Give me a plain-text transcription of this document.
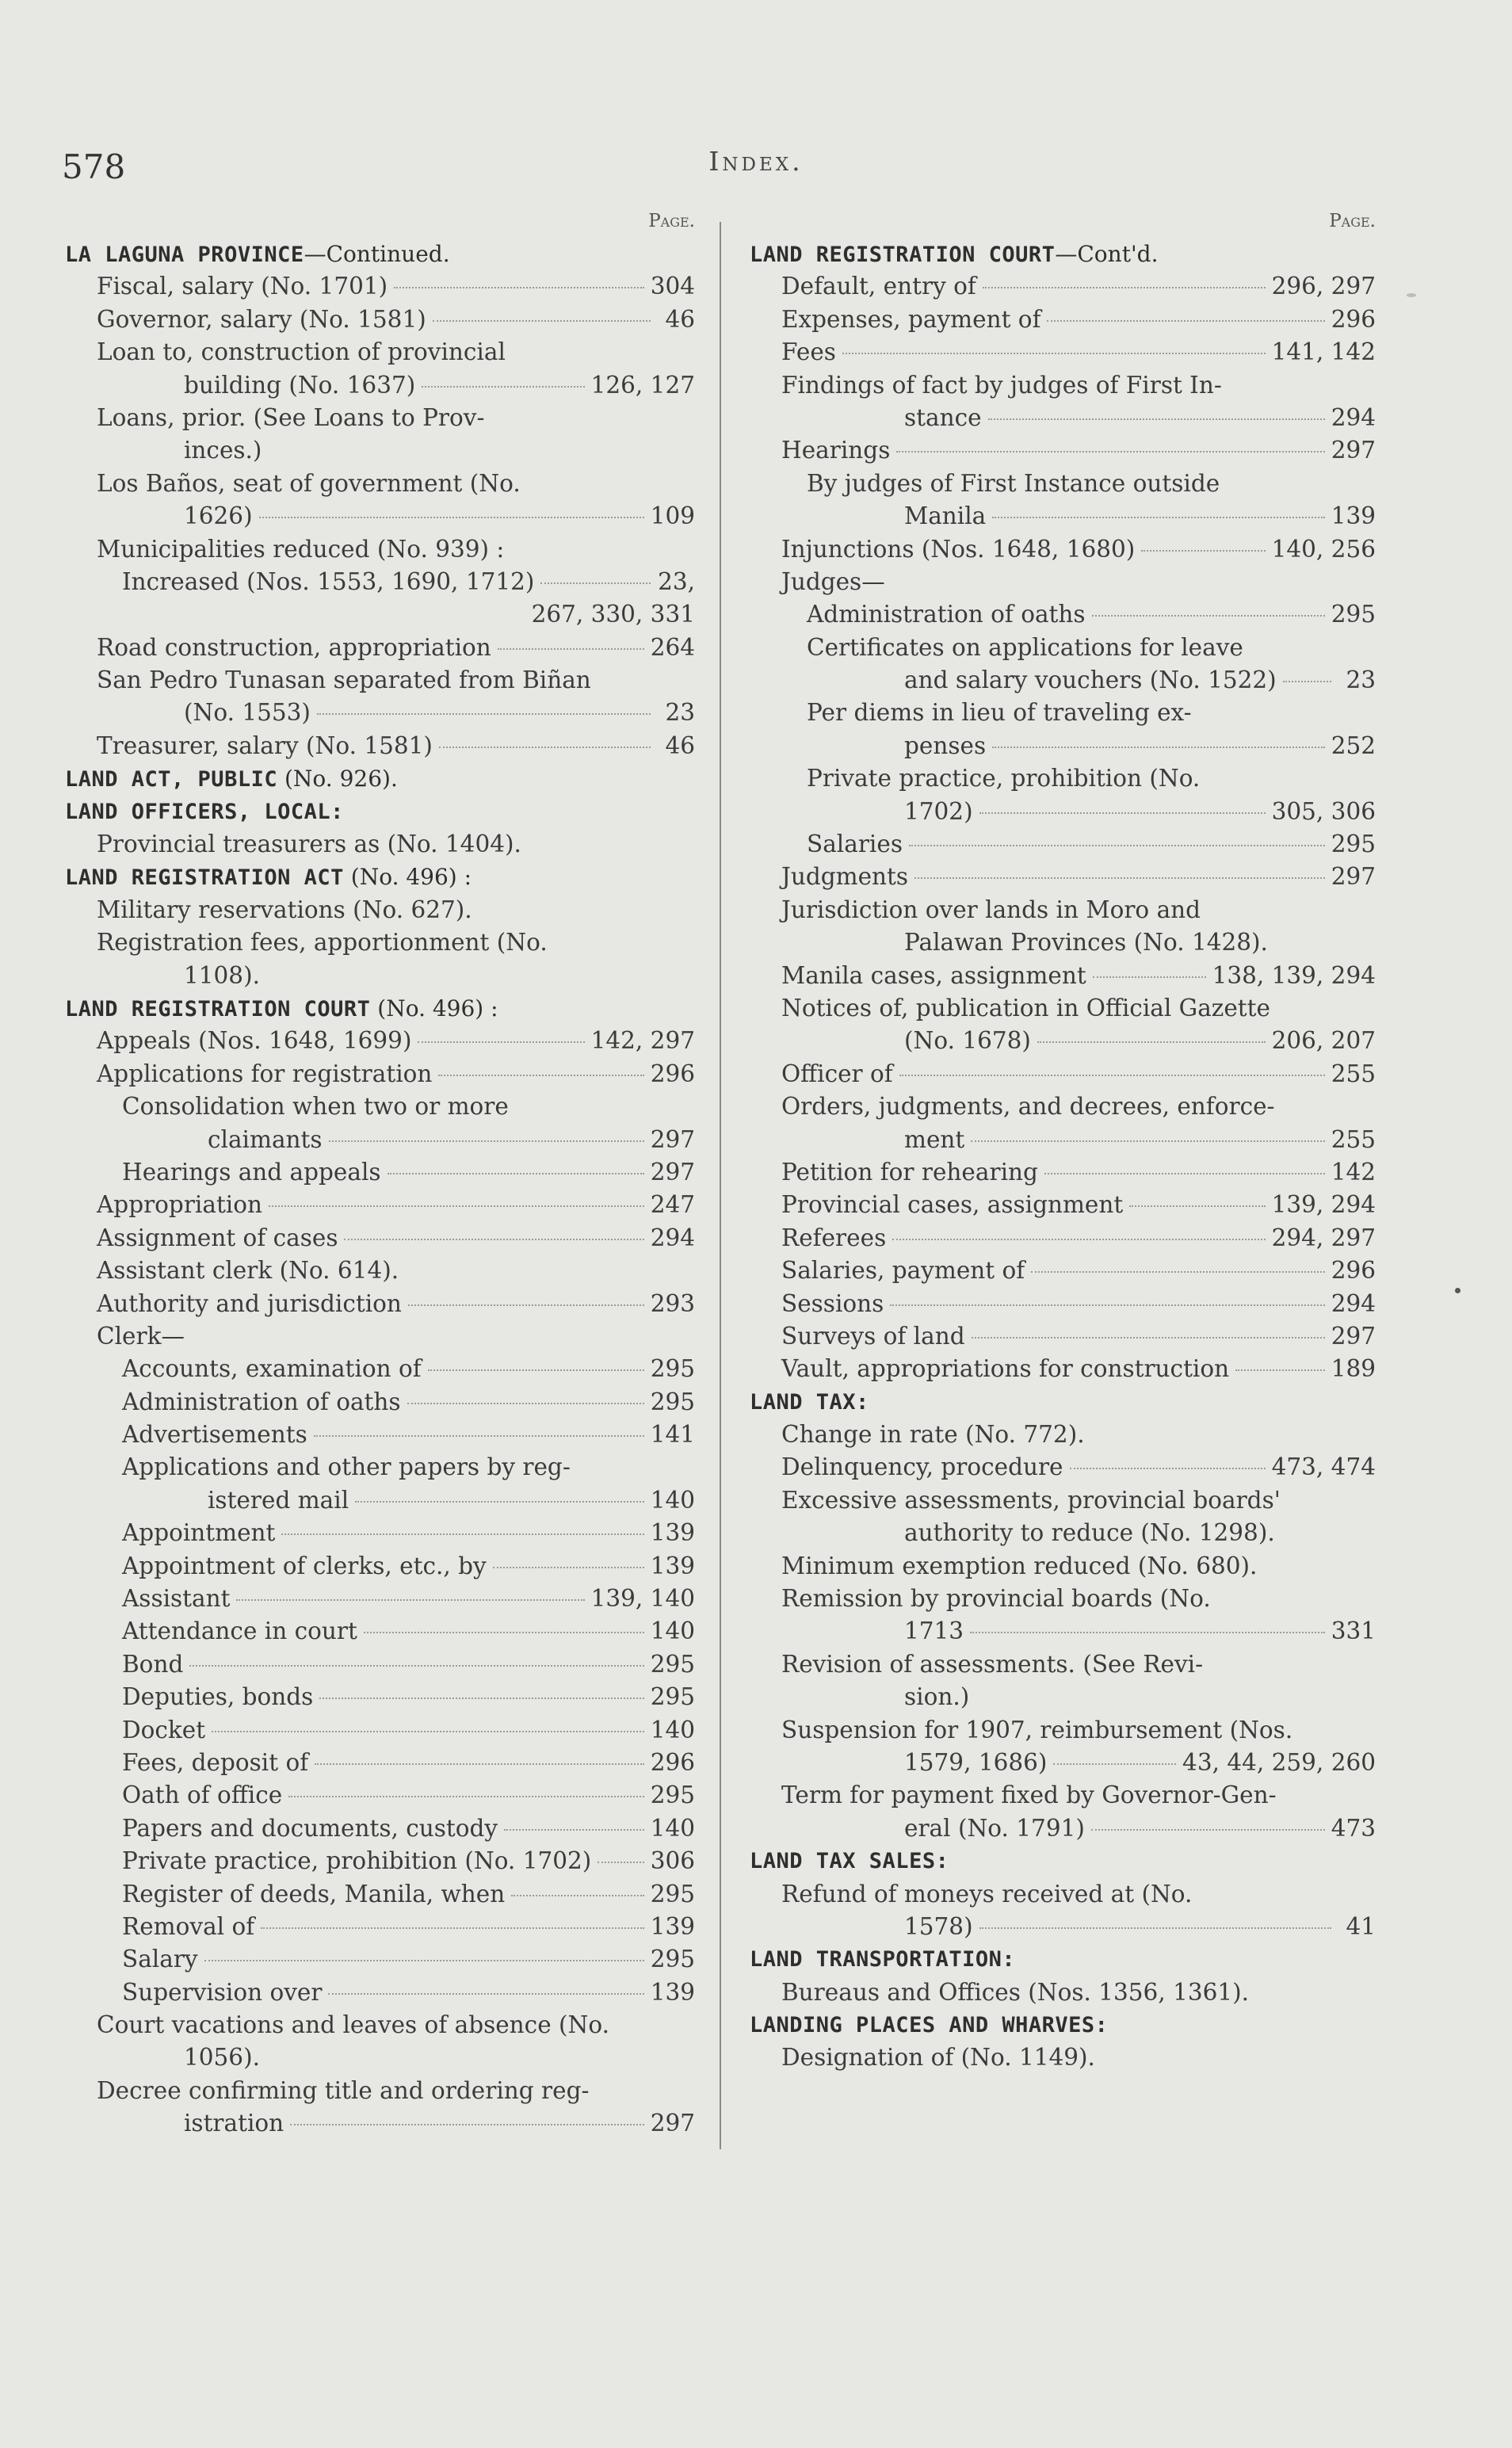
578	Index.
Page.
LA LAGUNA PROVINCE—Continued.
Fiscal, salary (No. 1701)	304
Governor, salary (No. 1581)	46
Loan to, construction of provincial
building (No. 1637)	126, 127
Loans, prior. (See Loans to Prov-
inces.)
Los Baños, seat of government (No.
1626)	109
Municipalities reduced (No. 939) :
Increased (Nos. 1553, 1690, 1712)	23,
267, 330, 331
Road construction, appropriation	264
San Pedro Tunasan separated from Biñan
(No. 1553)	23
Treasurer, salary (No. 1581)	46
LAND ACT, PUBLIC (No. 926).
LAND OFFICERS, LOCAL:
Provincial treasurers as (No. 1404).
LAND REGISTRATION ACT (No. 496) :
Military reservations (No. 627).
Registration fees, apportionment (No.
1108).
LAND REGISTRATION COURT (No. 496) :
Appeals (Nos. 1648, 1699)	142, 297
Applications for registration	296
Consolidation when two or more
claimants	297
Hearings and appeals	297
Appropriation	247
Assignment of cases	294
Assistant clerk (No. 614).
Authority and jurisdiction	293
Clerk—
Accounts, examination of	295
Administration of oaths	295
Advertisements	141
Applications and other papers by reg-
istered mail	140
Appointment	139
Appointment of clerks, etc., by	139
Assistant	139, 140
Attendance in court	140
Bond	295
Deputies, bonds	295
Docket	140
Fees, deposit of	296
Oath of office	295
Papers and documents, custody	140
Private practice, prohibition (No. 1702)	306
Register of deeds, Manila, when	295
Removal of	139
Salary	295
Supervision over	139
Court vacations and leaves of absence (No.
1056).
Decree confirming title and ordering reg-
istration	297
Page.
LAND REGISTRATION COURT—Cont'd.
Default, entry of	296, 297
Expenses, payment of	296
Fees	141, 142
Findings of fact by judges of First In-
stance	294
Hearings	297
By judges of First Instance outside
Manila	139
Injunctions (Nos. 1648, 1680)	140, 256
Judges—
Administration of oaths	295
Certificates on applications for leave
and salary vouchers (No. 1522)	23
Per diems in lieu of traveling ex-
penses	252
Private practice, prohibition (No.
1702)	305, 306
Salaries	295
Judgments	297
Jurisdiction over lands in Moro and
Palawan Provinces (No. 1428).
Manila cases, assignment	138, 139, 294
Notices of, publication in Official Gazette
(No. 1678)	206, 207
Officer of	255
Orders, judgments, and decrees, enforce-
ment	255
Petition for rehearing	142
Provincial cases, assignment	139, 294
Referees	294, 297
Salaries, payment of	296
Sessions	294
Surveys of land	297
Vault, appropriations for construction	189
LAND TAX:
Change in rate (No. 772).
Delinquency, procedure	473, 474
Excessive assessments, provincial boards'
authority to reduce (No. 1298).
Minimum exemption reduced (No. 680).
Remission by provincial boards (No.
1713	331
Revision of assessments. (See Revi-
sion.)
Suspension for 1907, reimbursement (Nos.
1579, 1686)	43, 44, 259, 260
Term for payment fixed by Governor-Gen-
eral (No. 1791)	473
LAND TAX SALES:
Refund of moneys received at (No.
1578)	41
LAND TRANSPORTATION:
Bureaus and Offices (Nos. 1356, 1361).
LANDING PLACES AND WHARVES:
Designation of (No. 1149).
